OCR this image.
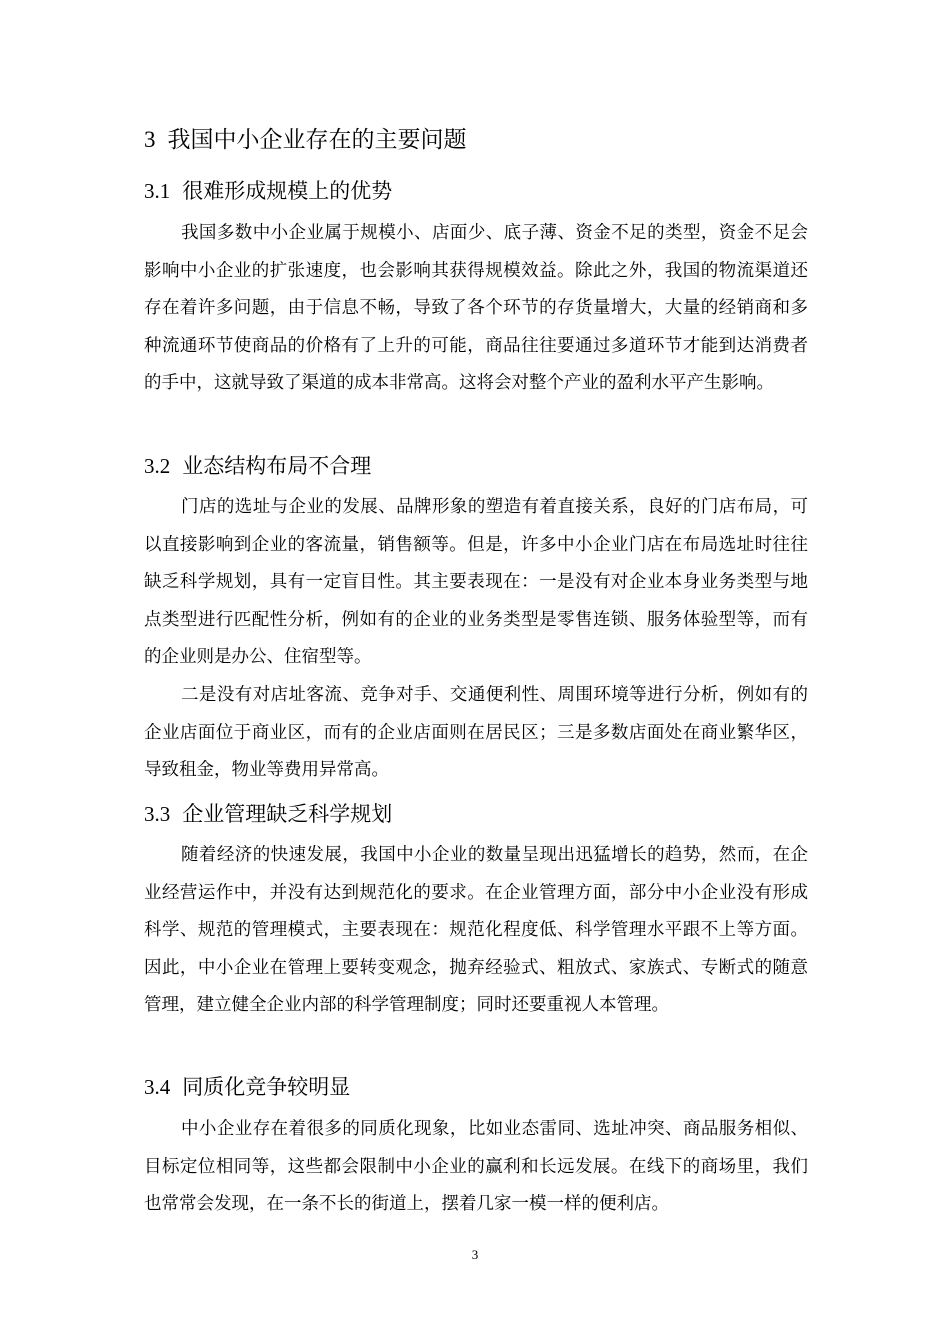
3 我国中小企业存在的主要问题
3.1 很难形成规模上的优势

我国多数中小企业属于规模小、店面少、底子薄、资金不足的类型，资金不足会影响中小企业的扩张速度，也会影响其获得规模效益。除此之外，我国的物流渠道还存在着许多问题，由于信息不畅，导致了各个环节的存货量增大，大量的经销商和多种流通环节使商品的价格有了上升的可能，商品往往要通过多道环节才能到达消费者的手中，这就导致了渠道的成本非常高。这将会对整个产业的盈利水平产生影响。

3.2 业态结构布局不合理

门店的选址与企业的发展、品牌形象的塑造有着直接关系，良好的门店布局，可以直接影响到企业的客流量，销售额等。但是，许多中小企业门店在布局选址时往往缺乏科学规划，具有一定盲目性。其主要表现在：一是没有对企业本身业务类型与地点类型进行匹配性分析，例如有的企业的业务类型是零售连锁、服务体验型等，而有的企业则是办公、住宿型等。

二是没有对店址客流、竞争对手、交通便利性、周围环境等进行分析，例如有的企业店面位于商业区，而有的企业店面则在居民区；三是多数店面处在商业繁华区，导致租金，物业等费用异常高。

3.3 企业管理缺乏科学规划

随着经济的快速发展，我国中小企业的数量呈现出迅猛增长的趋势，然而，在企业经营运作中，并没有达到规范化的要求。在企业管理方面，部分中小企业没有形成科学、规范的管理模式，主要表现在：规范化程度低、科学管理水平跟不上等方面。因此，中小企业在管理上要转变观念，抛弃经验式、粗放式、家族式、专断式的随意管理，建立健全企业内部的科学管理制度；同时还要重视人本管理。

3.4 同质化竞争较明显

中小企业存在着很多的同质化现象，比如业态雷同、选址冲突、商品服务相似、目标定位相同等，这些都会限制中小企业的赢利和长远发展。在线下的商场里，我们也常常会发现，在一条不长的街道上，摆着几家一模一样的便利店。

3
